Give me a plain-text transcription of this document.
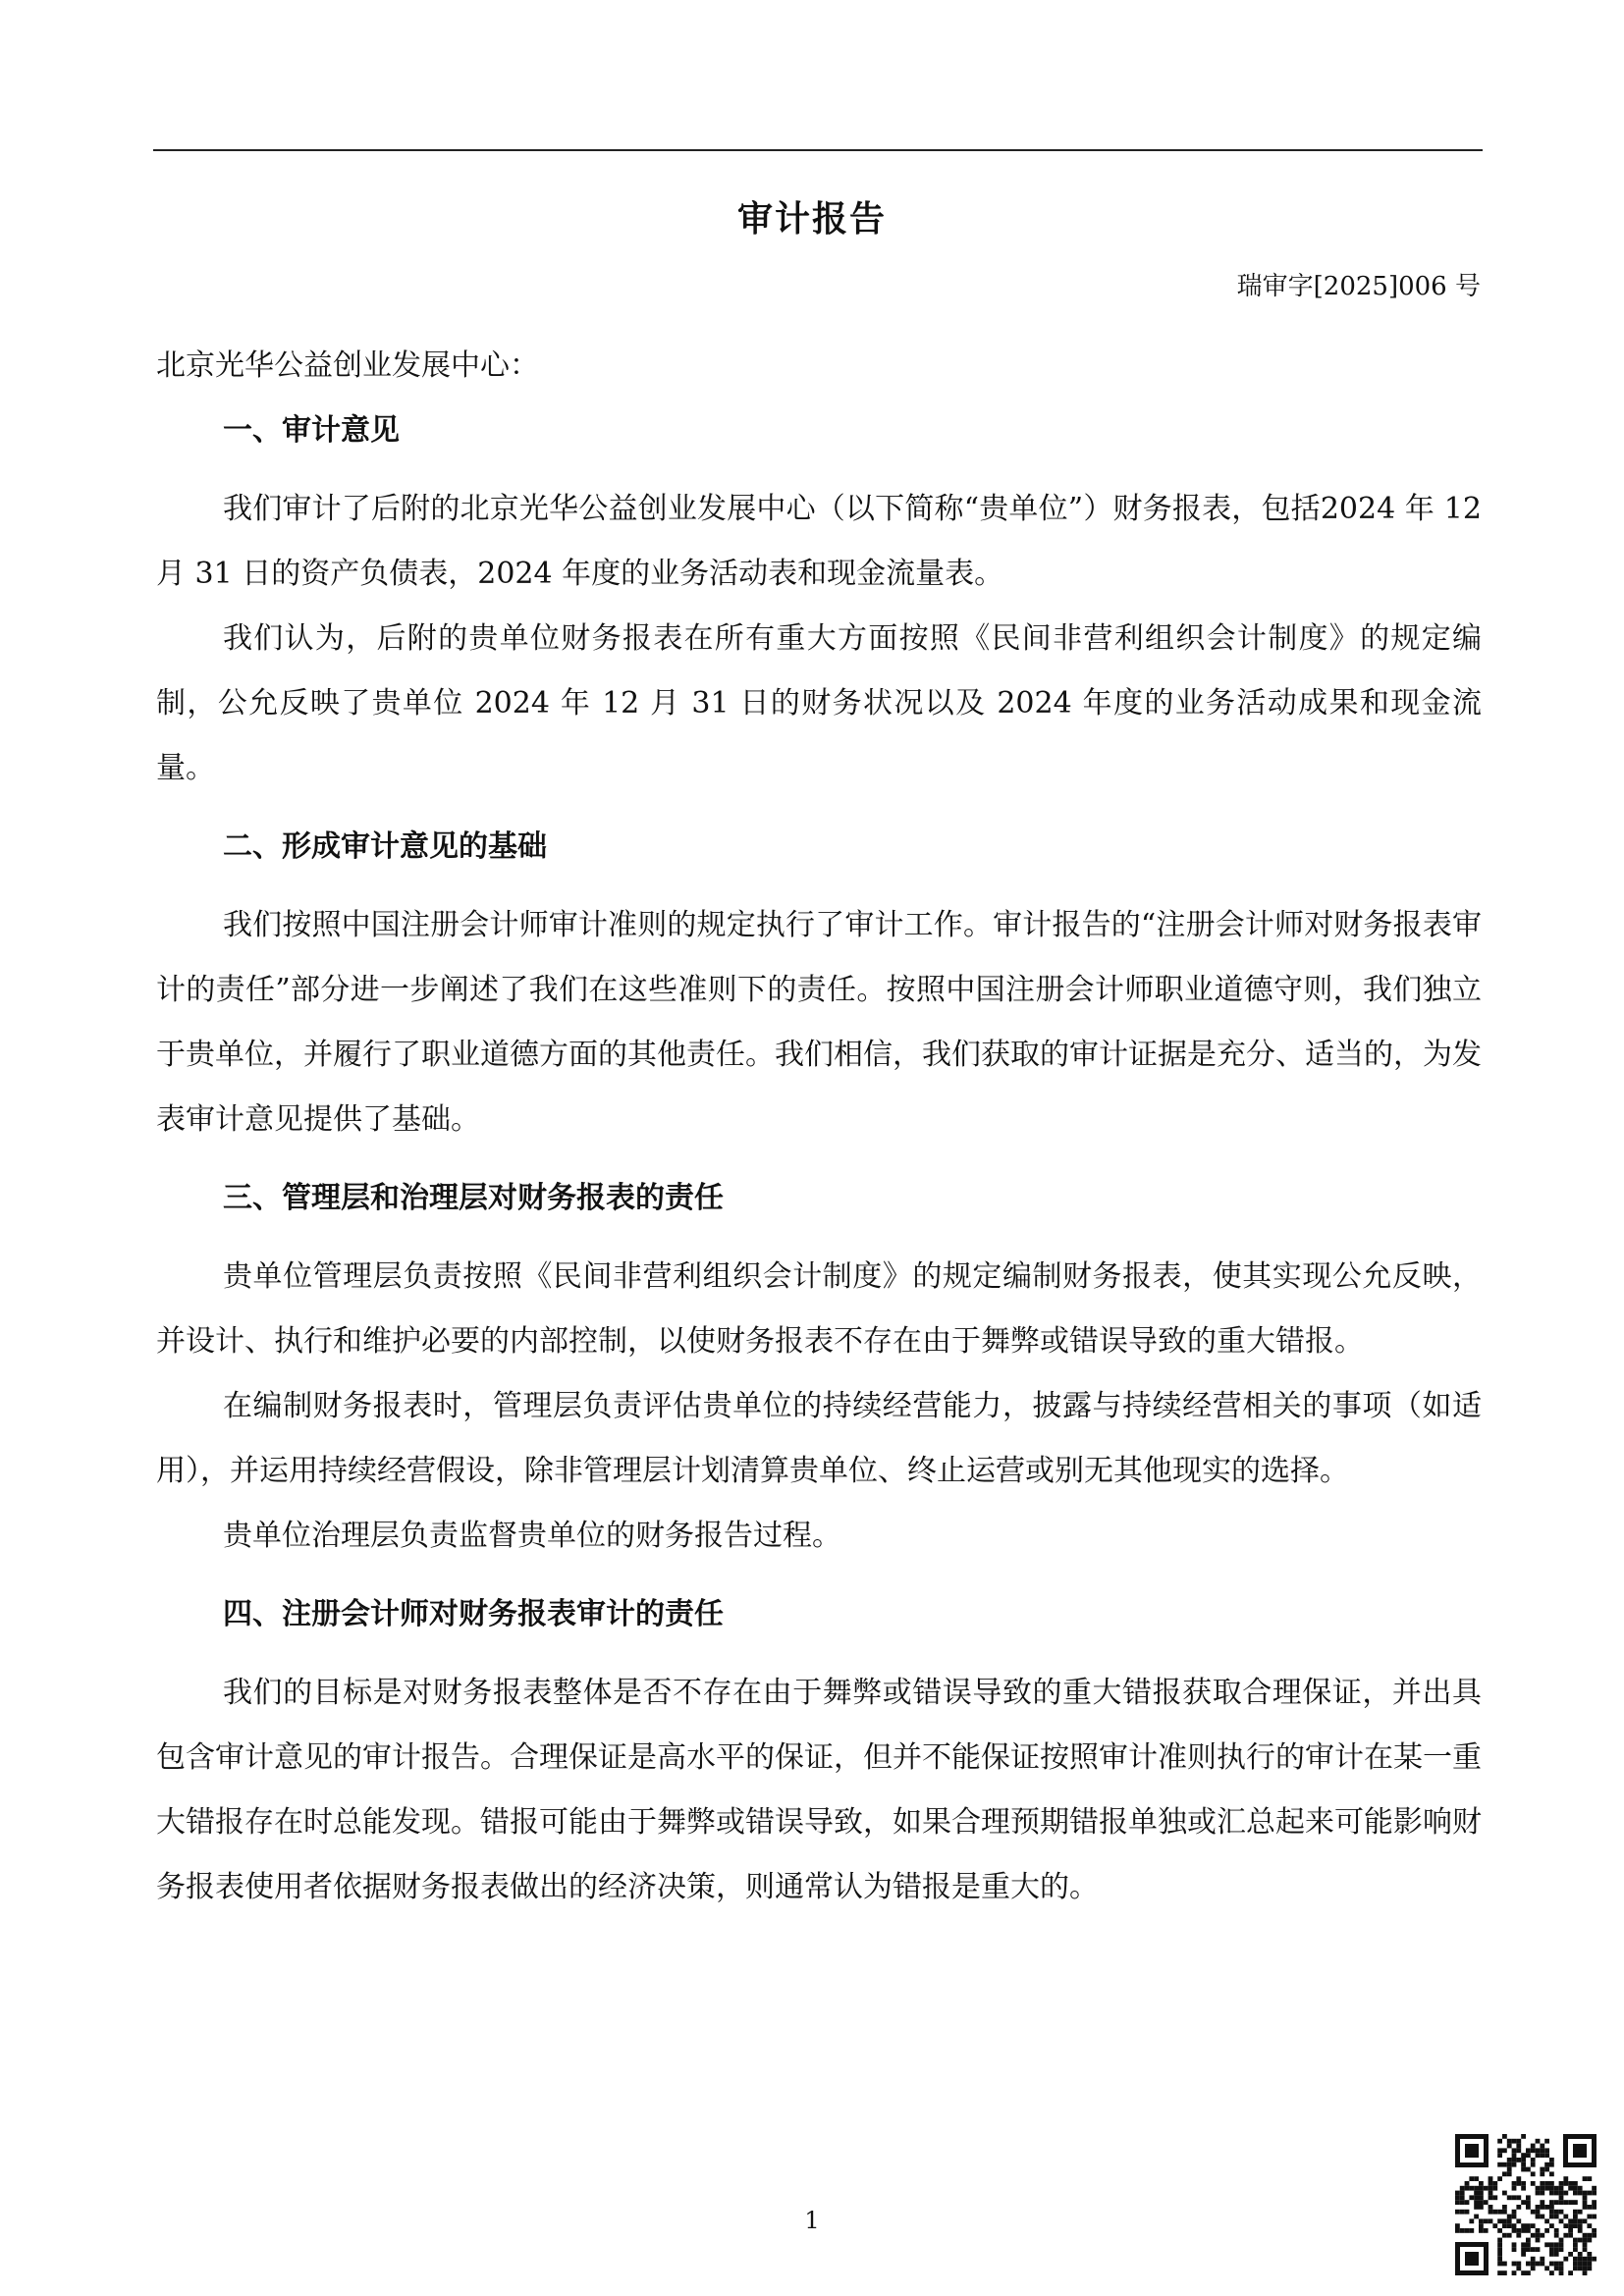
审计报告
瑞审字[2025]006 号

北京光华公益创业发展中心：

一、审计意见

我们审计了后附的北京光华公益创业发展中心（以下简称“贵单位”）财务报表，包括2024 年 12 月 31 日的资产负债表，2024 年度的业务活动表和现金流量表。

我们认为，后附的贵单位财务报表在所有重大方面按照《民间非营利组织会计制度》的规定编制，公允反映了贵单位 2024 年 12 月 31 日的财务状况以及 2024 年度的业务活动成果和现金流量。

二、形成审计意见的基础

我们按照中国注册会计师审计准则的规定执行了审计工作。审计报告的“注册会计师对财务报表审计的责任”部分进一步阐述了我们在这些准则下的责任。按照中国注册会计师职业道德守则，我们独立于贵单位，并履行了职业道德方面的其他责任。我们相信，我们获取的审计证据是充分、适当的，为发表审计意见提供了基础。

三、管理层和治理层对财务报表的责任

贵单位管理层负责按照《民间非营利组织会计制度》的规定编制财务报表，使其实现公允反映，并设计、执行和维护必要的内部控制，以使财务报表不存在由于舞弊或错误导致的重大错报。

在编制财务报表时，管理层负责评估贵单位的持续经营能力，披露与持续经营相关的事项（如适用），并运用持续经营假设，除非管理层计划清算贵单位、终止运营或别无其他现实的选择。

贵单位治理层负责监督贵单位的财务报告过程。

四、注册会计师对财务报表审计的责任

我们的目标是对财务报表整体是否不存在由于舞弊或错误导致的重大错报获取合理保证，并出具包含审计意见的审计报告。合理保证是高水平的保证，但并不能保证按照审计准则执行的审计在某一重大错报存在时总能发现。错报可能由于舞弊或错误导致，如果合理预期错报单独或汇总起来可能影响财务报表使用者依据财务报表做出的经济决策，则通常认为错报是重大的。

1
